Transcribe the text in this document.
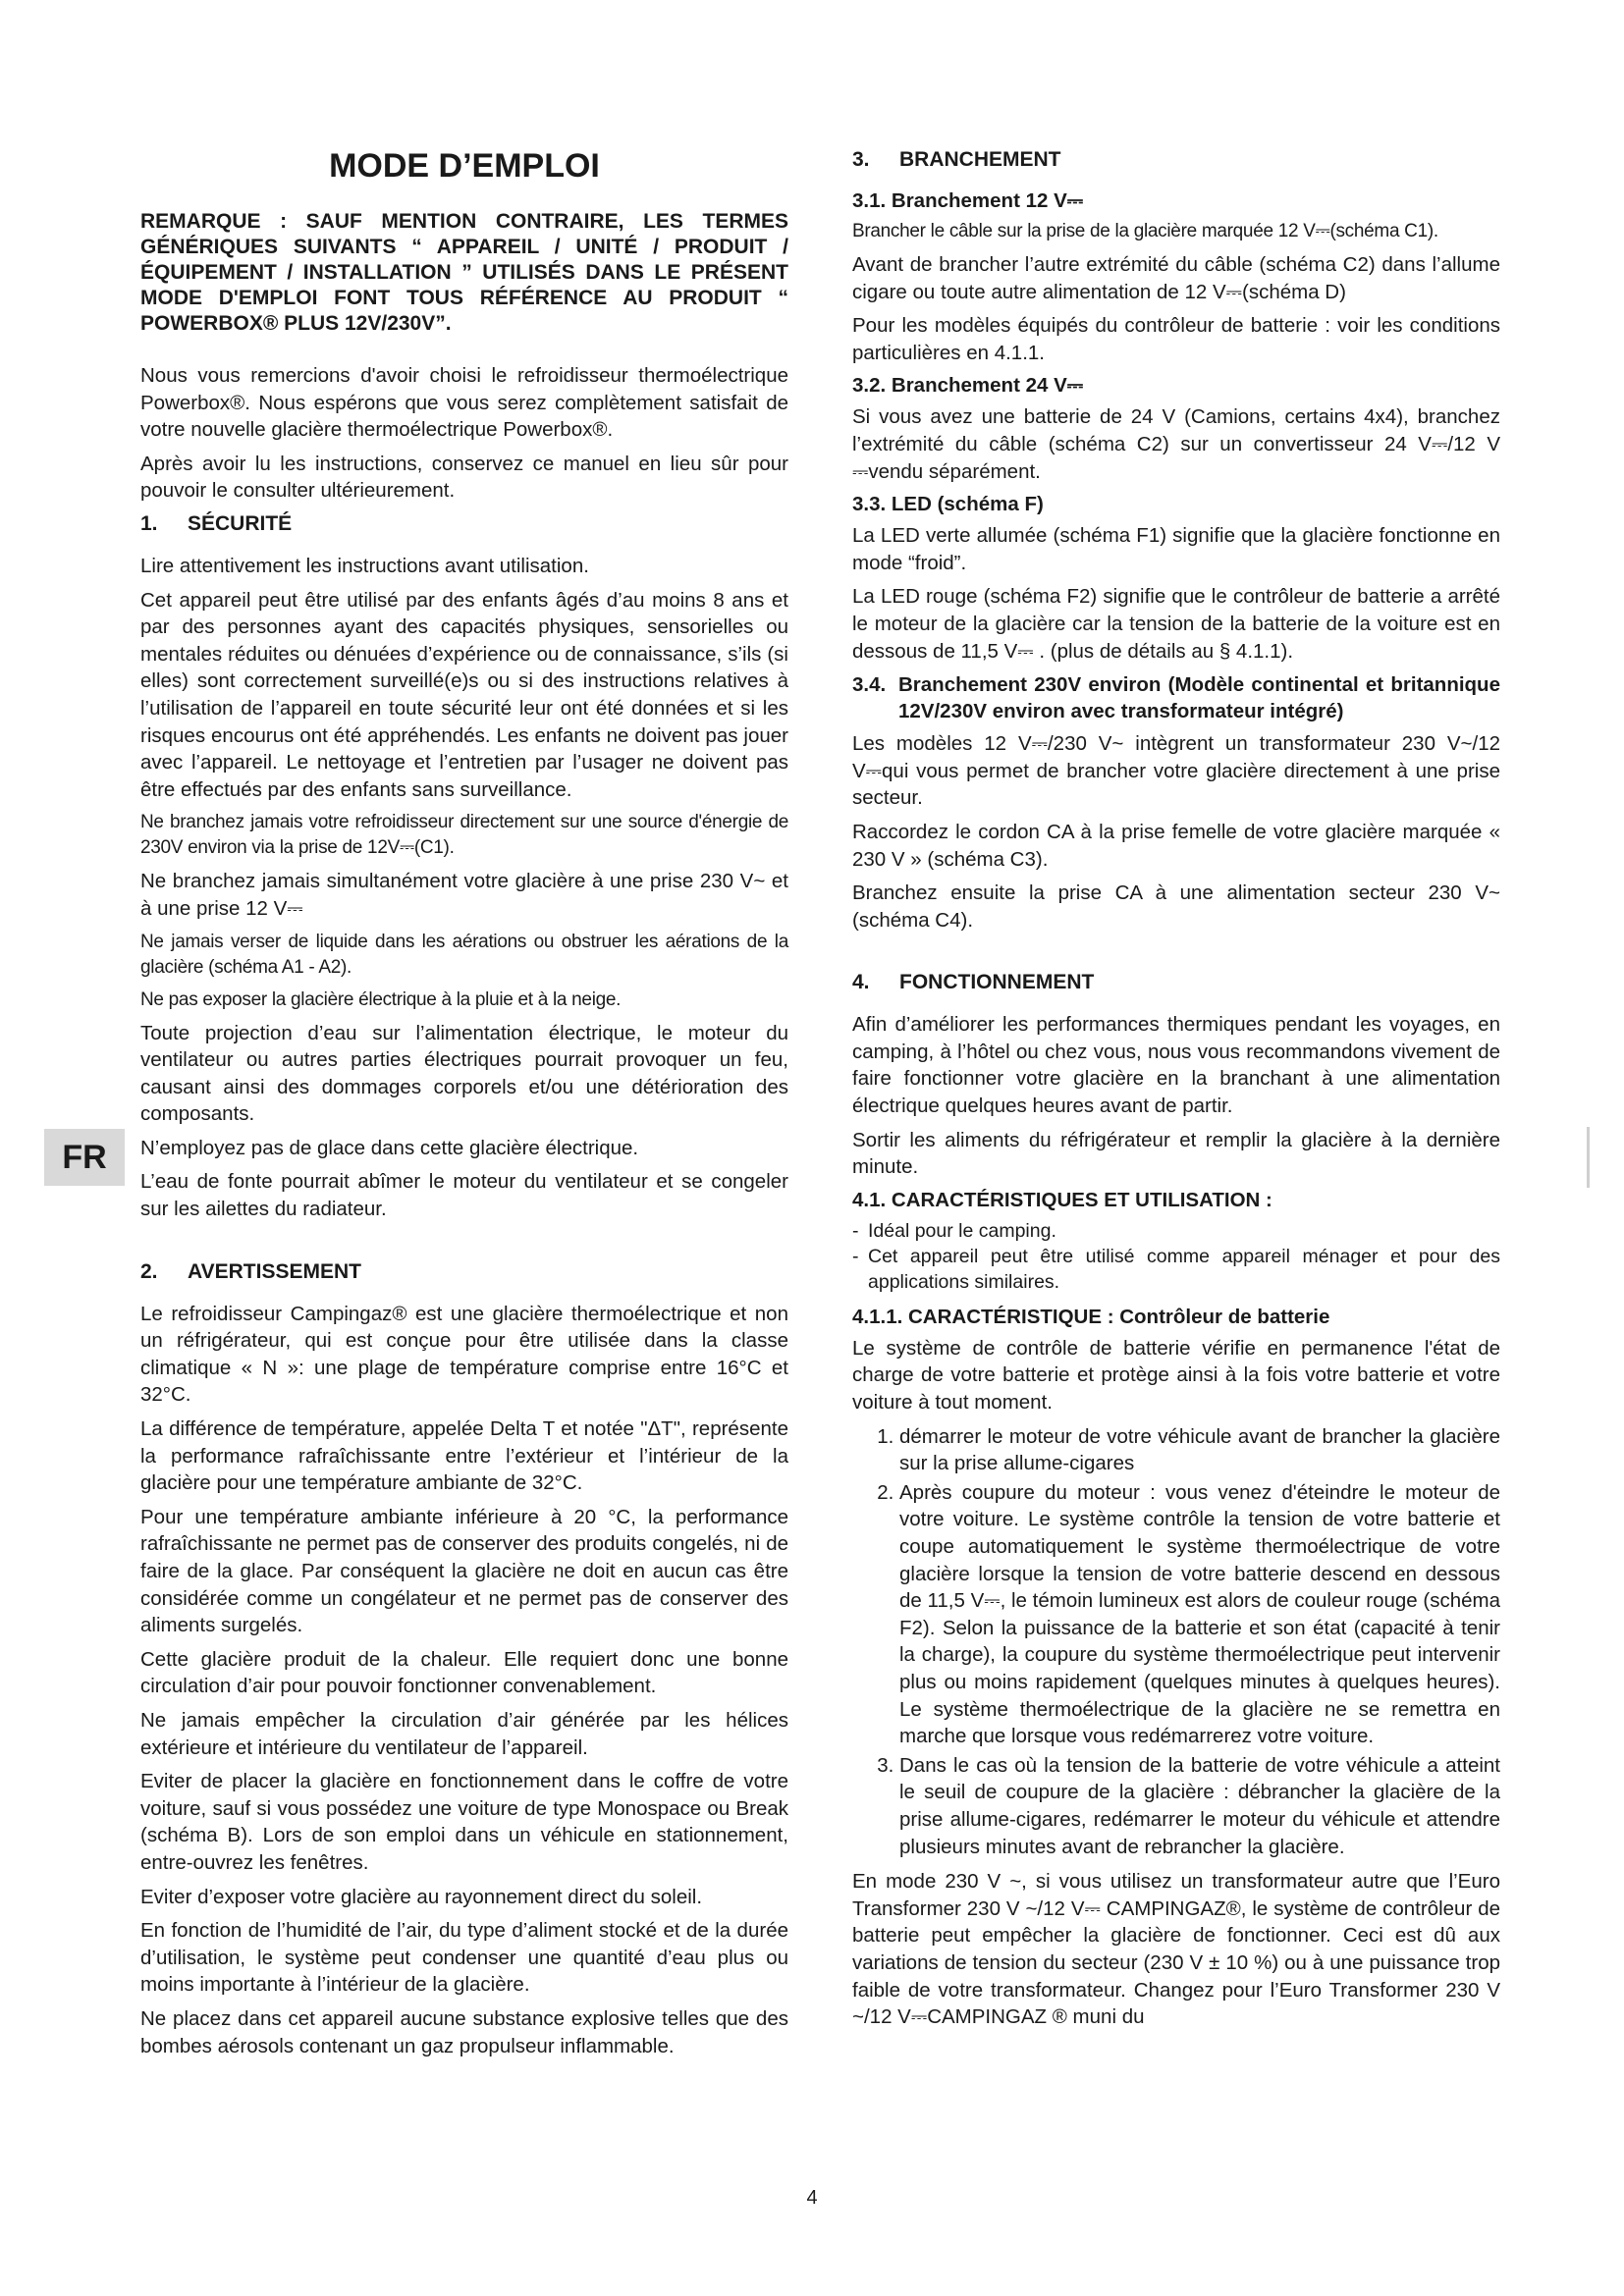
FR
MODE D’EMPLOI
REMARQUE : SAUF MENTION CONTRAIRE, LES TERMES GÉNÉRIQUES SUIVANTS “ APPAREIL / UNITÉ / PRODUIT / ÉQUIPEMENT / INSTALLATION ” UTILISÉS DANS LE PRÉSENT MODE D'EMPLOI FONT TOUS RÉFÉRENCE AU PRODUIT “ POWERBOX® PLUS 12V/230V”.

Nous vous remercions d'avoir choisi le refroidisseur thermoélectrique Powerbox®. Nous espérons que vous serez complètement satisfait de votre nouvelle glacière thermoélectrique Powerbox®.

Après avoir lu les instructions, conservez ce manuel en lieu sûr pour pouvoir le consulter ultérieurement.

1. SÉCURITÉ

Lire attentivement les instructions avant utilisation.

Cet appareil peut être utilisé par des enfants âgés d’au moins 8 ans et par des personnes ayant des capacités physiques, sensorielles ou mentales réduites ou dénuées d’expérience ou de connaissance, s’ils (si elles) sont correctement surveillé(e)s ou si des instructions relatives à l’utilisation de l’appareil en toute sécurité leur ont été données et si les risques encourus ont été appréhendés. Les enfants ne doivent pas jouer avec l’appareil. Le nettoyage et l’entretien par l’usager ne doivent pas être effectués par des enfants sans surveillance.

Ne branchez jamais votre refroidisseur directement sur une source d'énergie de 230V environ via la prise de 12V⎓(C1).

Ne branchez jamais simultanément votre glacière à une prise 230 V~ et à une prise 12 V⎓

Ne jamais verser de liquide dans les aérations ou obstruer les aérations de la glacière (schéma A1 - A2).

Ne pas exposer la glacière électrique à la pluie et à la neige.

Toute projection d’eau sur l’alimentation électrique, le moteur du ventilateur ou autres parties électriques pourrait provoquer un feu, causant ainsi des dommages corporels et/ou une détérioration des composants.

N’employez pas de glace dans cette glacière électrique.

L’eau de fonte pourrait abîmer le moteur du ventilateur et se congeler sur les ailettes du radiateur.

2. AVERTISSEMENT

Le refroidisseur Campingaz® est une glacière thermoélectrique et non un réfrigérateur, qui est conçue pour être utilisée dans la classe climatique « N »: une plage de température comprise entre 16°C et 32°C.

La différence de température, appelée Delta T et notée "ΔT", représente la performance rafraîchissante entre l’extérieur et l’intérieur de la glacière pour une température ambiante de 32°C.

Pour une température ambiante inférieure à 20 °C, la performance rafraîchissante ne permet pas de conserver des produits congelés, ni de faire de la glace. Par conséquent la glacière ne doit en aucun cas être considérée comme un congélateur et ne permet pas de conserver des aliments surgelés.

Cette glacière produit de la chaleur. Elle requiert donc une bonne circulation d’air pour pouvoir fonctionner convenablement.

Ne jamais empêcher la circulation d’air générée par les hélices extérieure et intérieure du ventilateur de l’appareil.

Eviter de placer la glacière en fonctionnement dans le coffre de votre voiture, sauf si vous possédez une voiture de type Monospace ou Break (schéma B). Lors de son emploi dans un véhicule en stationnement, entre-ouvrez les fenêtres.

Eviter d’exposer votre glacière au rayonnement direct du soleil.

En fonction de l’humidité de l’air, du type d’aliment stocké et de la durée d’utilisation, le système peut condenser une quantité d’eau plus ou moins importante à l’intérieur de la glacière.

Ne placez dans cet appareil aucune substance explosive telles que des bombes aérosols contenant un gaz propulseur inflammable.

3. BRANCHEMENT
3.1. Branchement 12 V⎓

Brancher le câble sur la prise de la glacière marquée 12 V⎓(schéma C1).

Avant de brancher l’autre extrémité du câble (schéma C2) dans l’allume cigare ou toute autre alimentation de 12 V⎓(schéma D)

Pour les modèles équipés du contrôleur de batterie : voir les conditions particulières en 4.1.1.

3.2. Branchement 24 V⎓

Si vous avez une batterie de 24 V (Camions, certains 4x4), branchez l’extrémité du câble (schéma C2) sur un convertisseur 24 V⎓/12 V ⎓vendu séparément.

3.3. LED (schéma F)

La LED verte allumée (schéma F1) signifie que la glacière fonctionne en mode “froid”.

La LED rouge (schéma F2) signifie que le contrôleur de batterie a arrêté le moteur de la glacière car la tension de la batterie de la voiture est en dessous de 11,5 V⎓ . (plus de détails au § 4.1.1).

3.4. Branchement 230V environ (Modèle continental et britannique 12V/230V environ avec transformateur intégré)

Les modèles 12 V⎓/230 V~ intègrent un transformateur 230 V~/12 V⎓qui vous permet de brancher votre glacière directement à une prise secteur.

Raccordez le cordon CA à la prise femelle de votre glacière marquée « 230 V » (schéma C3).

Branchez ensuite la prise CA à une alimentation secteur 230 V~ (schéma C4).

4. FONCTIONNEMENT

Afin d’améliorer les performances thermiques pendant les voyages, en camping, à l’hôtel ou chez vous, nous vous recommandons vivement de faire fonctionner votre glacière en la branchant à une alimentation électrique quelques heures avant de partir.

Sortir les aliments du réfrigérateur et remplir la glacière à la dernière minute.

4.1. CARACTÉRISTIQUES ET UTILISATION :
- Idéal pour le camping.
- Cet appareil peut être utilisé comme appareil ménager et pour des applications similaires.
4.1.1. CARACTÉRISTIQUE : Contrôleur de batterie

Le système de contrôle de batterie vérifie en permanence l'état de charge de votre batterie et protège ainsi à la fois votre batterie et votre voiture à tout moment.

1. démarrer le moteur de votre véhicule avant de brancher la glacière sur la prise allume-cigares
2. Après coupure du moteur : vous venez d'éteindre le moteur de votre voiture. Le système contrôle la tension de votre batterie et coupe automatiquement le système thermoélectrique de votre glacière lorsque la tension de votre batterie descend en dessous de 11,5 V⎓, le témoin lumineux est alors de couleur rouge (schéma F2). Selon la puissance de la batterie et son état (capacité à tenir la charge), la coupure du système thermoélectrique peut intervenir plus ou moins rapidement (quelques minutes à quelques heures). Le système thermoélectrique de la glacière ne se remettra en marche que lorsque vous redémarrerez votre voiture.
3. Dans le cas où la tension de la batterie de votre véhicule a atteint le seuil de coupure de la glacière : débrancher la glacière de la prise allume-cigares, redémarrer le moteur du véhicule et attendre plusieurs minutes avant de rebrancher la glacière.

En mode 230 V ~, si vous utilisez un transformateur autre que l’Euro Transformer 230 V ~/12 V⎓ CAMPINGAZ®, le système de contrôleur de batterie peut empêcher la glacière de fonctionner. Ceci est dû aux variations de tension du secteur (230 V ± 10 %) ou à une puissance trop faible de votre transformateur. Changez pour l’Euro Transformer 230 V ~/12 V⎓CAMPINGAZ ® muni du

4
